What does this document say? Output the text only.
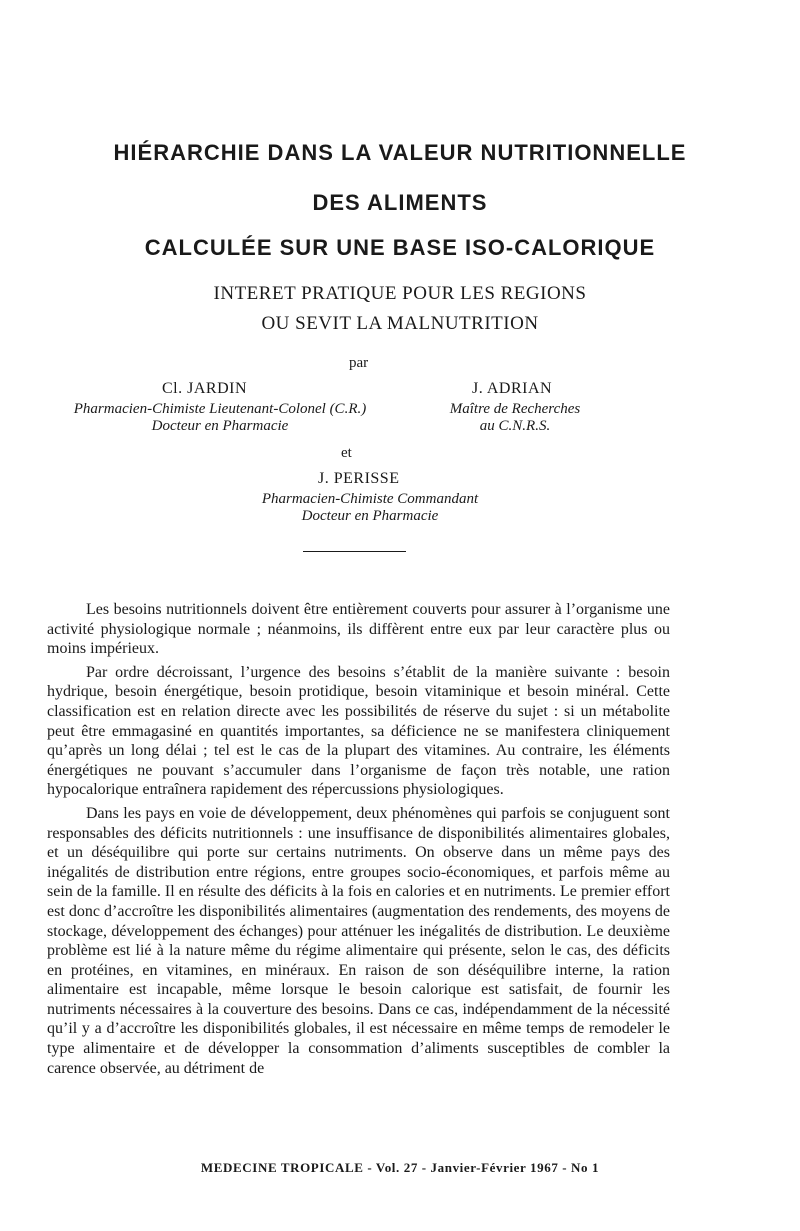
HIÉRARCHIE DANS LA VALEUR NUTRITIONNELLE
DES ALIMENTS
CALCULÉE SUR UNE BASE ISO-CALORIQUE
INTERET PRATIQUE POUR LES REGIONS
OU SEVIT LA MALNUTRITION
par
Cl. JARDIN
Pharmacien-Chimiste Lieutenant-Colonel (C.R.)
Docteur en Pharmacie
J. ADRIAN
Maître de Recherches
au C.N.R.S.
et
J. PERISSE
Pharmacien-Chimiste Commandant
Docteur en Pharmacie

Les besoins nutritionnels doivent être entièrement couverts pour assurer à l’organisme une activité physiologique normale ; néanmoins, ils diffèrent entre eux par leur caractère plus ou moins impérieux.

Par ordre décroissant, l’urgence des besoins s’établit de la manière suivante : besoin hydrique, besoin énergétique, besoin protidique, besoin vitaminique et besoin minéral. Cette classification est en relation directe avec les possibilités de réserve du sujet : si un métabolite peut être emmagasiné en quantités importantes, sa déficience ne se manifestera cliniquement qu’après un long délai ; tel est le cas de la plupart des vitamines. Au contraire, les éléments énergétiques ne pouvant s’accumuler dans l’organisme de façon très notable, une ration hypocalorique entraînera rapidement des répercussions physiologiques.

Dans les pays en voie de développement, deux phénomènes qui parfois se conjuguent sont responsables des déficits nutritionnels : une insuffisance de disponibilités alimentaires globales, et un déséquilibre qui porte sur certains nutriments. On observe dans un même pays des inégalités de distribution entre régions, entre groupes socio-économiques, et parfois même au sein de la famille. Il en résulte des déficits à la fois en calories et en nutriments. Le premier effort est donc d’accroître les disponibilités alimentaires (augmentation des rendements, des moyens de stockage, développement des échanges) pour atténuer les inégalités de distribution. Le deuxième problème est lié à la nature même du régime alimentaire qui présente, selon le cas, des déficits en protéines, en vitamines, en minéraux. En raison de son déséquilibre interne, la ration alimentaire est incapable, même lorsque le besoin calorique est satisfait, de fournir les nutriments nécessaires à la couverture des besoins. Dans ce cas, indépendamment de la nécessité qu’il y a d’accroître les disponibilités globales, il est nécessaire en même temps de remodeler le type alimentaire et de développer la consommation d’aliments susceptibles de combler la carence observée, au détriment de

MEDECINE TROPICALE - Vol. 27 - Janvier-Février 1967 - No 1
